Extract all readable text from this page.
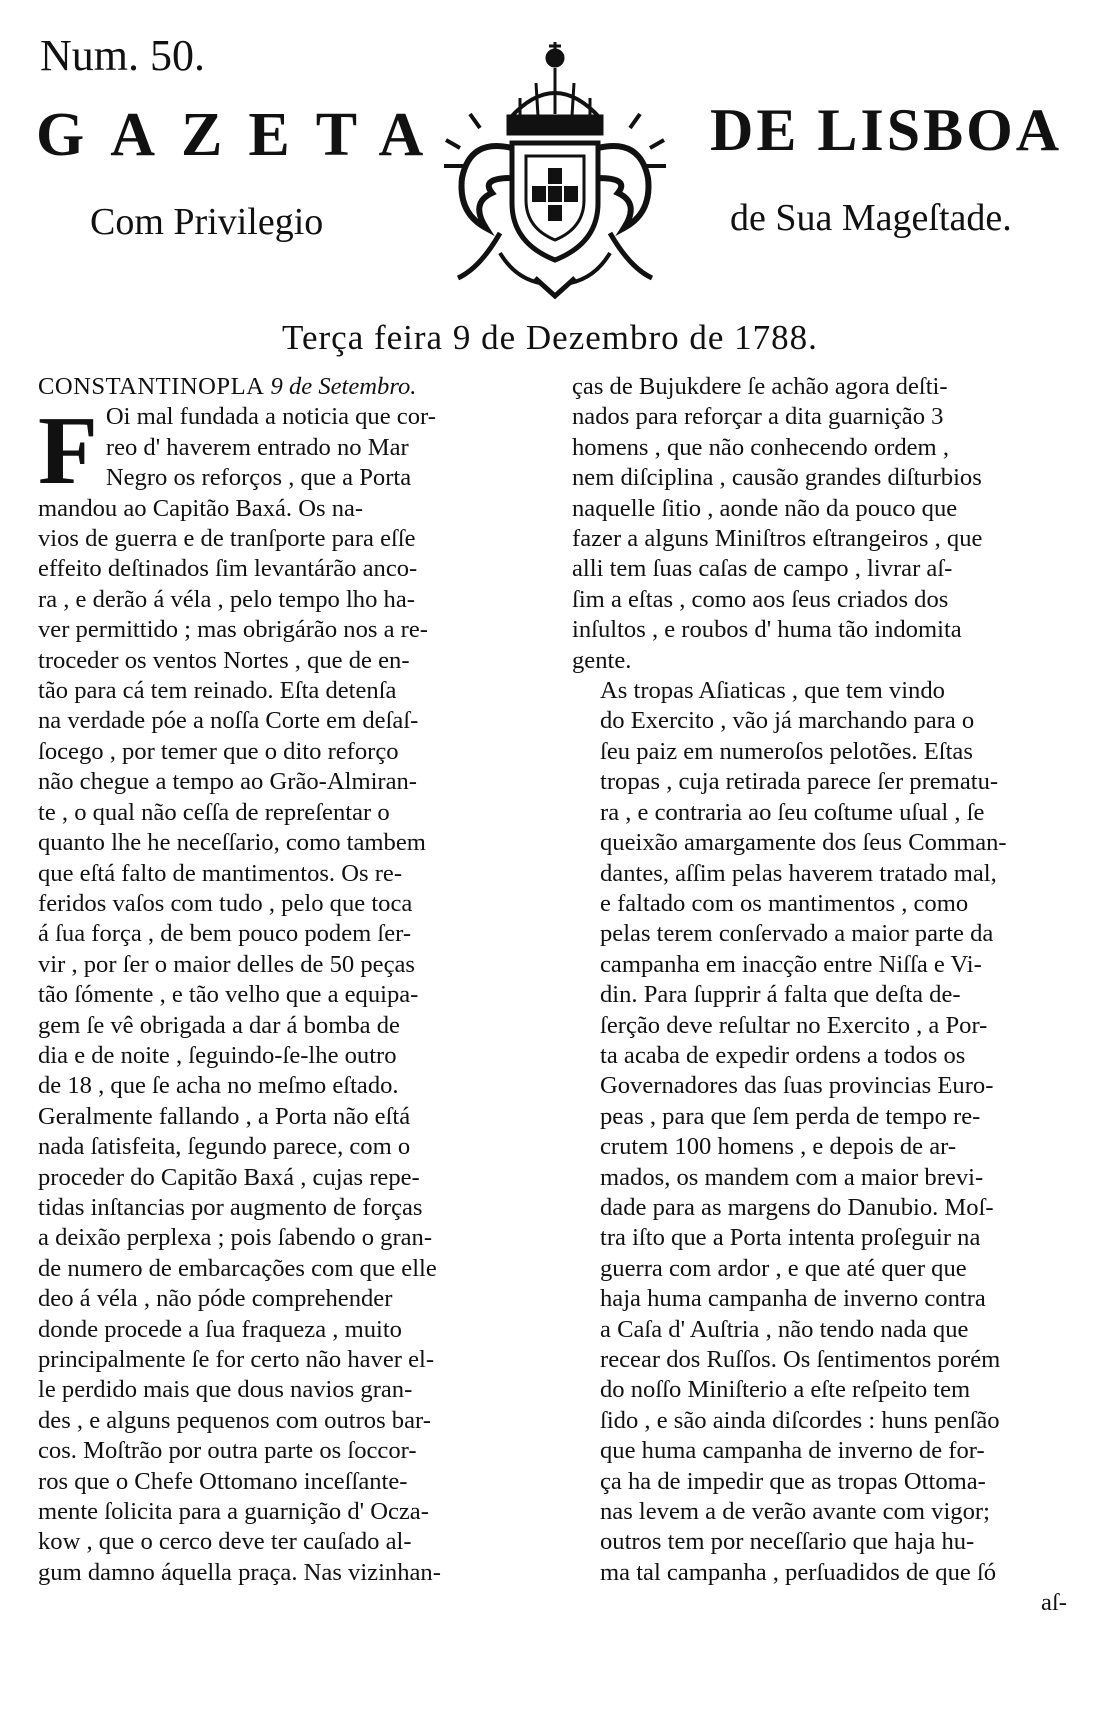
Num. 50.
GAZETA	DE LISBOA
Com Privilegio	de Sua Mageſtade.
Terça feira 9 de Dezembro de 1788.

CONSTANTINOPLA 9 de Setembro.

F Oi mal fundada a noticia que cor-
reo d' haverem entrado no Mar
Negro os reforços , que a Porta
mandou ao Capitão Baxá. Os na-
vios de guerra e de tranſporte para eſſe
effeito deſtinados ſim levantárão anco-
ra , e derão á véla , pelo tempo lho ha-
ver permittido ; mas obrigárão nos a re-
troceder os ventos Nortes , que de en-
tão para cá tem reinado. Eſta detenſa
na verdade póe a noſſa Corte em deſaſ-
ſocego , por temer que o dito reforço
não chegue a tempo ao Grão-Almiran-
te , o qual não ceſſa de repreſentar o
quanto lhe he neceſſario, como tambem
que eſtá falto de mantimentos. Os re-
feridos vaſos com tudo , pelo que toca
á ſua força , de bem pouco podem ſer-
vir , por ſer o maior delles de 50 peças
tão ſómente , e tão velho que a equipa-
gem ſe vê obrigada a dar á bomba de
dia e de noite , ſeguindo-ſe-lhe outro
de 18 , que ſe acha no meſmo eſtado.
Geralmente fallando , a Porta não eſtá
nada ſatisfeita, ſegundo parece, com o
proceder do Capitão Baxá , cujas repe-
tidas inſtancias por augmento de forças
a deixão perplexa ; pois ſabendo o gran-
de numero de embarcações com que elle
deo á véla , não póde comprehender
donde procede a ſua fraqueza , muito
principalmente ſe for certo não haver el-
le perdido mais que dous navios gran-
des , e alguns pequenos com outros bar-
cos. Moſtrão por outra parte os ſoccor-
ros que o Chefe Ottomano inceſſante-
mente ſolicita para a guarnição d' Ocza-
kow , que o cerco deve ter cauſado al-
gum damno áquella praça. Nas vizinhan-

ças de Bujukdere ſe achão agora deſti-
nados para reforçar a dita guarnição 3
homens , que não conhecendo ordem ,
nem diſciplina , causão grandes diſturbios
naquelle ſitio , aonde não da pouco que
fazer a alguns Miniſtros eſtrangeiros , que
alli tem ſuas caſas de campo , livrar aſ-
ſim a eſtas , como aos ſeus criados dos
inſultos , e roubos d' huma tão indomita
gente.

As tropas Aſiaticas , que tem vindo
do Exercito , vão já marchando para o
ſeu paiz em numeroſos pelotões. Eſtas
tropas , cuja retirada parece ſer prematu-
ra , e contraria ao ſeu coſtume uſual , ſe
queixão amargamente dos ſeus Comman-
dantes, aſſim pelas haverem tratado mal,
e faltado com os mantimentos , como
pelas terem conſervado a maior parte da
campanha em inacção entre Niſſa e Vi-
din. Para ſupprir á falta que deſta de-
ſerção deve reſultar no Exercito , a Por-
ta acaba de expedir ordens a todos os
Governadores das ſuas provincias Euro-
peas , para que ſem perda de tempo re-
crutem 100 homens , e depois de ar-
mados, os mandem com a maior brevi-
dade para as margens do Danubio. Moſ-
tra iſto que a Porta intenta proſeguir na
guerra com ardor , e que até quer que
haja huma campanha de inverno contra
a Caſa d' Auſtria , não tendo nada que
recear dos Ruſſos. Os ſentimentos porém
do noſſo Miniſterio a eſte reſpeito tem
ſido , e são ainda diſcordes : huns penſão
que huma campanha de inverno de for-
ça ha de impedir que as tropas Ottoma-
nas levem a de verão avante com vigor;
outros tem por neceſſario que haja hu-
ma tal campanha , perſuadidos de que ſó

aſ-
